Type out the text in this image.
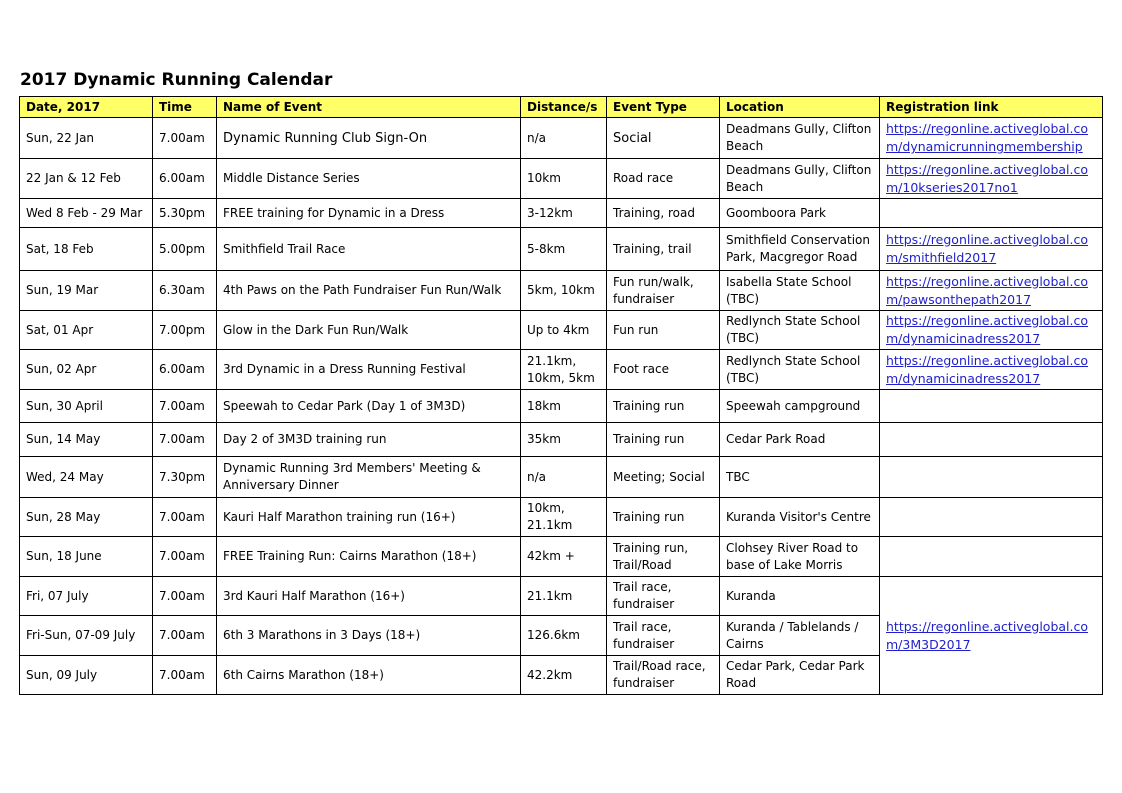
2017 Dynamic Running Calendar
Date, 2017	Time	Name of Event	Distance/s	Event Type	Location	Registration link
Sun, 22 Jan	7.00am	Dynamic Running Club Sign-On	n/a	Social	Deadmans Gully, Clifton Beach	https://regonline.activeglobal.com/dynamicrunningmembership
22 Jan & 12 Feb	6.00am	Middle Distance Series	10km	Road race	Deadmans Gully, Clifton Beach	https://regonline.activeglobal.com/10kseries2017no1
Wed 8 Feb - 29 Mar	5.30pm	FREE training for Dynamic in a Dress	3-12km	Training, road	Goomboora Park	
Sat, 18 Feb	5.00pm	Smithfield Trail Race	5-8km	Training, trail	Smithfield Conservation Park, Macgregor Road	https://regonline.activeglobal.com/smithfield2017
Sun, 19 Mar	6.30am	4th Paws on the Path Fundraiser Fun Run/Walk	5km, 10km	Fun run/walk, fundraiser	Isabella State School (TBC)	https://regonline.activeglobal.com/pawsonthepath2017
Sat, 01 Apr	7.00pm	Glow in the Dark Fun Run/Walk	Up to 4km	Fun run	Redlynch State School (TBC)	https://regonline.activeglobal.com/dynamicinadress2017
Sun, 02 Apr	6.00am	3rd Dynamic in a Dress Running Festival	21.1km, 10km, 5km	Foot race	Redlynch State School (TBC)	https://regonline.activeglobal.com/dynamicinadress2017
Sun, 30 April	7.00am	Speewah to Cedar Park (Day 1 of 3M3D)	18km	Training run	Speewah campground	
Sun, 14 May	7.00am	Day 2 of 3M3D training run	35km	Training run	Cedar Park Road	
Wed, 24 May	7.30pm	Dynamic Running 3rd Members' Meeting & Anniversary Dinner	n/a	Meeting; Social	TBC	
Sun, 28 May	7.00am	Kauri Half Marathon training run (16+)	10km, 21.1km	Training run	Kuranda Visitor's Centre	
Sun, 18 June	7.00am	FREE Training Run: Cairns Marathon (18+)	42km +	Training run, Trail/Road	Clohsey River Road to base of Lake Morris	
Fri, 07 July	7.00am	3rd Kauri Half Marathon (16+)	21.1km	Trail race, fundraiser	Kuranda	https://regonline.activeglobal.com/3M3D2017
Fri-Sun, 07-09 July	7.00am	6th 3 Marathons in 3 Days (18+)	126.6km	Trail race, fundraiser	Kuranda / Tablelands / Cairns	
Sun, 09 July	7.00am	6th Cairns Marathon (18+)	42.2km	Trail/Road race, fundraiser	Cedar Park, Cedar Park Road	
